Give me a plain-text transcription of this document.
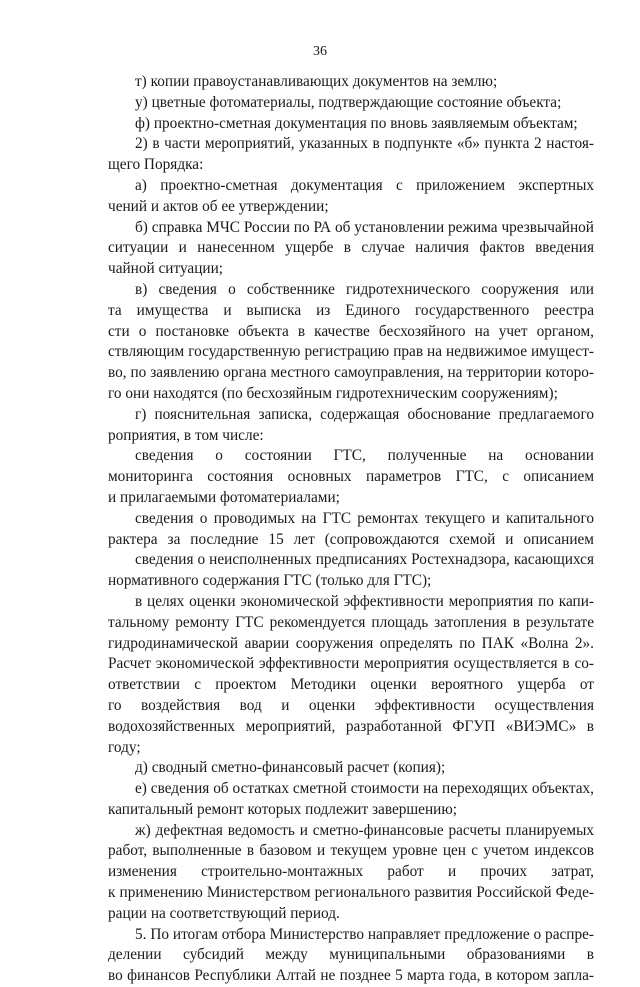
36
т) копии правоустанавливающих документов на землю;
у) цветные фотоматериалы, подтверждающие состояние объекта;
ф) проектно-сметная документация по вновь заявляемым объектам;
2) в части мероприятий, указанных в подпункте «б» пункта 2 настоя-
щего Порядка:
а) проектно-сметная документация с приложением экспертных
чений и актов об ее утверждении;
б) справка МЧС России по РА об установлении режима чрезвычайной
ситуации и нанесенном ущербе в случае наличия фактов введения
чайной ситуации;
в) сведения о собственнике гидротехнического сооружения или
та имущества и выписка из Единого государственного реестра
сти о постановке объекта в качестве бесхозяйного на учет органом,
ствляющим государственную регистрацию прав на недвижимое имущест-
во, по заявлению органа местного самоуправления, на территории которо-
го они находятся (по бесхозяйным гидротехническим сооружениям);
г) пояснительная записка, содержащая обоснование предлагаемого
роприятия, в том числе:
сведения о состоянии ГТС, полученные на основании
мониторинга состояния основных параметров ГТС, с описанием
и прилагаемыми фотоматериалами;
сведения о проводимых на ГТС ремонтах текущего и капитального
рактера за последние 15 лет (сопровождаются схемой и описанием
сведения о неисполненных предписаниях Ростехнадзора, касающихся
нормативного содержания ГТС (только для ГТС);
в целях оценки экономической эффективности мероприятия по капи-
тальному ремонту ГТС рекомендуется площадь затопления в результате
гидродинамической аварии сооружения определять по ПАК «Волна 2».
Расчет экономической эффективности мероприятия осуществляется в со-
ответствии с проектом Методики оценки вероятного ущерба от
го воздействия вод и оценки эффективности осуществления
водохозяйственных мероприятий, разработанной ФГУП «ВИЭМС» в
году;
д) сводный сметно-финансовый расчет (копия);
е) сведения об остатках сметной стоимости на переходящих объектах,
капитальный ремонт которых подлежит завершению;
ж) дефектная ведомость и сметно-финансовые расчеты планируемых
работ, выполненные в базовом и текущем уровне цен с учетом индексов
изменения строительно-монтажных работ и прочих затрат,
к применению Министерством регионального развития Российской Феде-
рации на соответствующий период.
5. По итогам отбора Министерство направляет предложение о распре-
делении субсидий между муниципальными образованиями в
во финансов Республики Алтай не позднее 5 марта года, в котором запла-
